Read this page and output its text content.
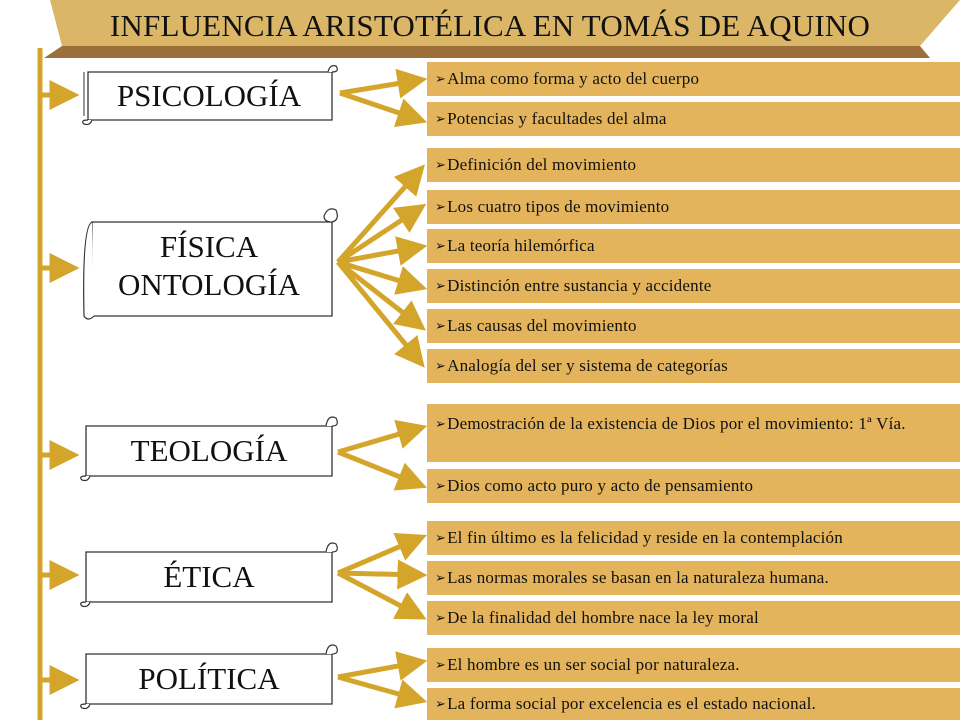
INFLUENCIA ARISTOTÉLICA EN TOMÁS DE AQUINO
PSICOLOGÍA
FÍSICA
ONTOLOGÍA
TEOLOGÍA
ÉTICA
POLÍTICA
➢Alma como forma y acto del cuerpo
➢Potencias y facultades del alma
➢Definición del movimiento
➢Los cuatro tipos de movimiento
➢La teoría hilemórfica
➢Distinción entre sustancia y accidente
➢Las causas del movimiento
➢Analogía del ser y sistema de categorías
➢Demostración de la existencia de Dios por el movimiento: 1ª Vía.
➢Dios como acto puro y acto de pensamiento
➢El fin último es la felicidad y reside en la contemplación
➢Las normas morales se basan en la naturaleza humana.
➢De la finalidad del hombre nace la ley moral
➢El hombre es un ser social por naturaleza.
➢La forma social por excelencia es el estado nacional.
